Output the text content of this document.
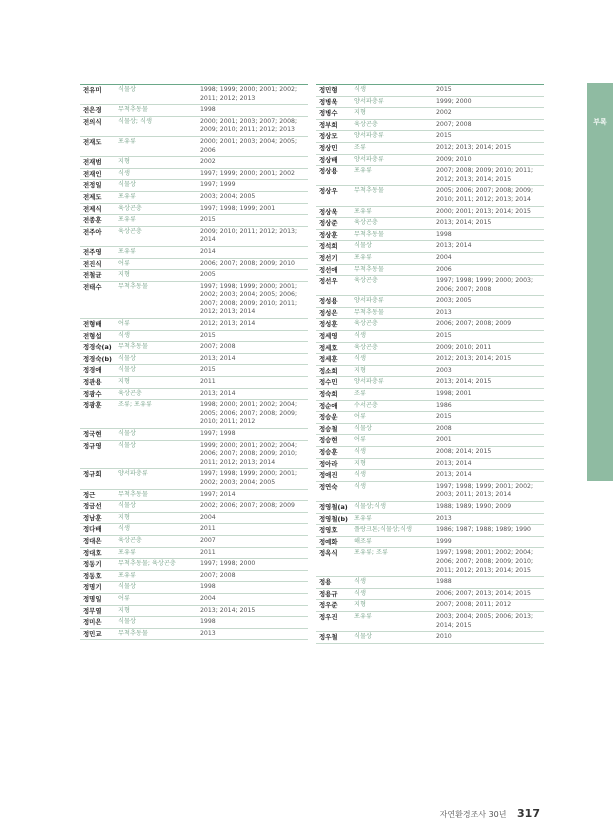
전유미	식물상	1998; 1999; 2000; 2001; 2002; 2011; 2012; 2013
전은경	무척추동물	1998
전의식	식물상; 식생	2000; 2001; 2003; 2007; 2008; 2009; 2010; 2011; 2012; 2013
전재도	포유류	2000; 2001; 2003; 2004; 2005; 2006
전재범	지형	2002
전재인	식생	1997; 1999; 2000; 2001; 2002
전정일	식물상	1997; 1999
전제도	포유류	2003; 2004; 2005
전제식	육상곤충	1997; 1998; 1999; 2001
전종훈	포유류	2015
전주아	육상곤충	2009; 2010; 2011; 2012; 2013; 2014
전주영	포유류	2014
전진식	어류	2006; 2007; 2008; 2009; 2010
전철균	지형	2005
전태수	무척추동물	1997; 1998; 1999; 2000; 2001; 2002; 2003; 2004; 2005; 2006; 2007; 2008; 2009; 2010; 2011; 2012; 2013; 2014
전형배	어류	2012; 2013; 2014
전형섭	식생	2015
정경숙(a)	무척추동물	2007; 2008
정경숙(b) 식물상	2013; 2014
정경애	식물상	2015
정관용	지형	2011
정광수	육상곤충	2013; 2014
정광훈	조류; 포유류	1998; 2000; 2001; 2002; 2004; 2005; 2006; 2007; 2008; 2009; 2010; 2011; 2012
정국현	식물상	1997; 1998
정규영	식물상	1999; 2000; 2001; 2002; 2004; 2006; 2007; 2008; 2009; 2010; 2011; 2012; 2013; 2014
정규회	양서파충류	1997; 1998; 1999; 2000; 2001; 2002; 2003; 2004; 2005
정근	무척추동물	1997; 2014
정금선	식물상	2002; 2006; 2007; 2008; 2009
정남훈	지형	2004
정다배	식생	2011
정대은	육상곤충	2007
정대호	포유류	2011
정동기	무척추동물; 육상곤충	1997; 1998; 2000
정동호	포유류	2007; 2008
정명기	식물상	1998
정명일	어류	2004
정무열	지형	2013; 2014; 2015
정미은	식물상	1998
정민교	무척추동물	2013
정민형	식생	2015
정병욱	양서파충류	1999; 2000
정병수	지형	2002
정부희	육상곤충	2007; 2008
정상모	양서파충류	2015
정상민	조류	2012; 2013; 2014; 2015
정상배	양서파충류	2009; 2010
정상용	포유류	2007; 2008; 2009; 2010; 2011; 2012; 2013; 2014; 2015
정상우	무척추동물	2005; 2006; 2007; 2008; 2009; 2010; 2011; 2012; 2013; 2014
정상욱	포유류	2000; 2001; 2013; 2014; 2015
정상준	육상곤충	2013; 2014; 2015
정상훈	무척추동물	1998
정석희	식물상	2013; 2014
정선기	포유류	2004
정선애	무척추동물	2006
정선우	육상곤충	1997; 1998; 1999; 2000; 2003; 2006; 2007; 2008
정성용	양서파충류	2003; 2005
정성은	무척추동물	2013
정성훈	육상곤충	2006; 2007; 2008; 2009
정세영	식생	2015
정세호	육상곤충	2009; 2010; 2011
정세훈	식생	2012; 2013; 2014; 2015
정소희	지형	2003
정수민	양서파충류	2013; 2014; 2015
정숙희	조류	1998; 2001
정순애	수서곤충	1986
정승운	어류	2015
정승철	식물상	2008
정승현	어류	2001
정승훈	식생	2008; 2014; 2015
정아라	지형	2013; 2014
정애진	식생	2013; 2014
정연숙	식생	1997; 1998; 1999; 2001; 2002; 2003; 2011; 2013; 2014
정영철(a)	식물상;식생	1988; 1989; 1990; 2009
정영철(b) 포유류	2013
정영호	플랑크톤;식물상;식생	1986; 1987; 1988; 1989; 1990
정예화	해조류	1999
정옥식	포유류; 조류	1997; 1998; 2001; 2002; 2004; 2006; 2007; 2008; 2009; 2010; 2011; 2012; 2013; 2014; 2015
정용	식생	1988
정용규	식생	2006; 2007; 2013; 2014; 2015
정우준	지형	2007; 2008; 2011; 2012
정우진	포유류	2003; 2004; 2005; 2006; 2013; 2014; 2015
정우철	식물상	2010
부록
자연환경조사 30년 317
